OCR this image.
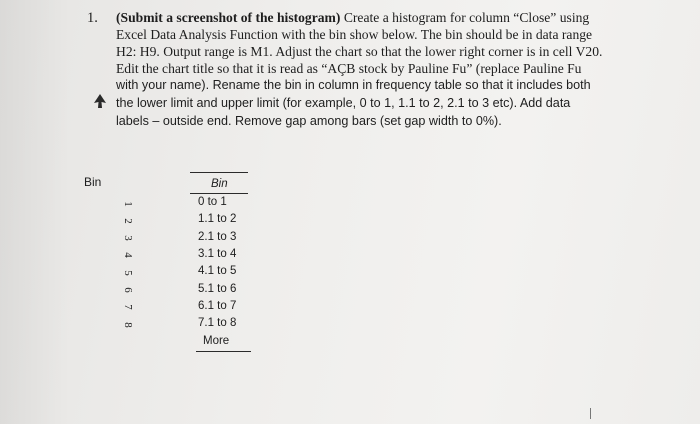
1. (Submit a screenshot of the histogram) Create a histogram for column “Close” using
Excel Data Analysis Function with the bin show below. The bin should be in data range
H2: H9. Output range is M1. Adjust the chart so that the lower right corner is in cell V20.
Edit the chart title so that it is read as “AÇB stock by Pauline Fu” (replace Pauline Fu
with your name). Rename the bin in column in frequency table so that it includes both
the lower limit and upper limit (for example, 0 to 1, 1.1 to 2, 2.1 to 3 etc). Add data
labels – outside end. Remove gap among bars (set gap width to 0%).
Bin
1
2
3
4
5
6
7
8
Bin
0 to 1
1.1 to 2
2.1 to 3
3.1 to 4
4.1 to 5
5.1 to 6
6.1 to 7
7.1 to 8
More
